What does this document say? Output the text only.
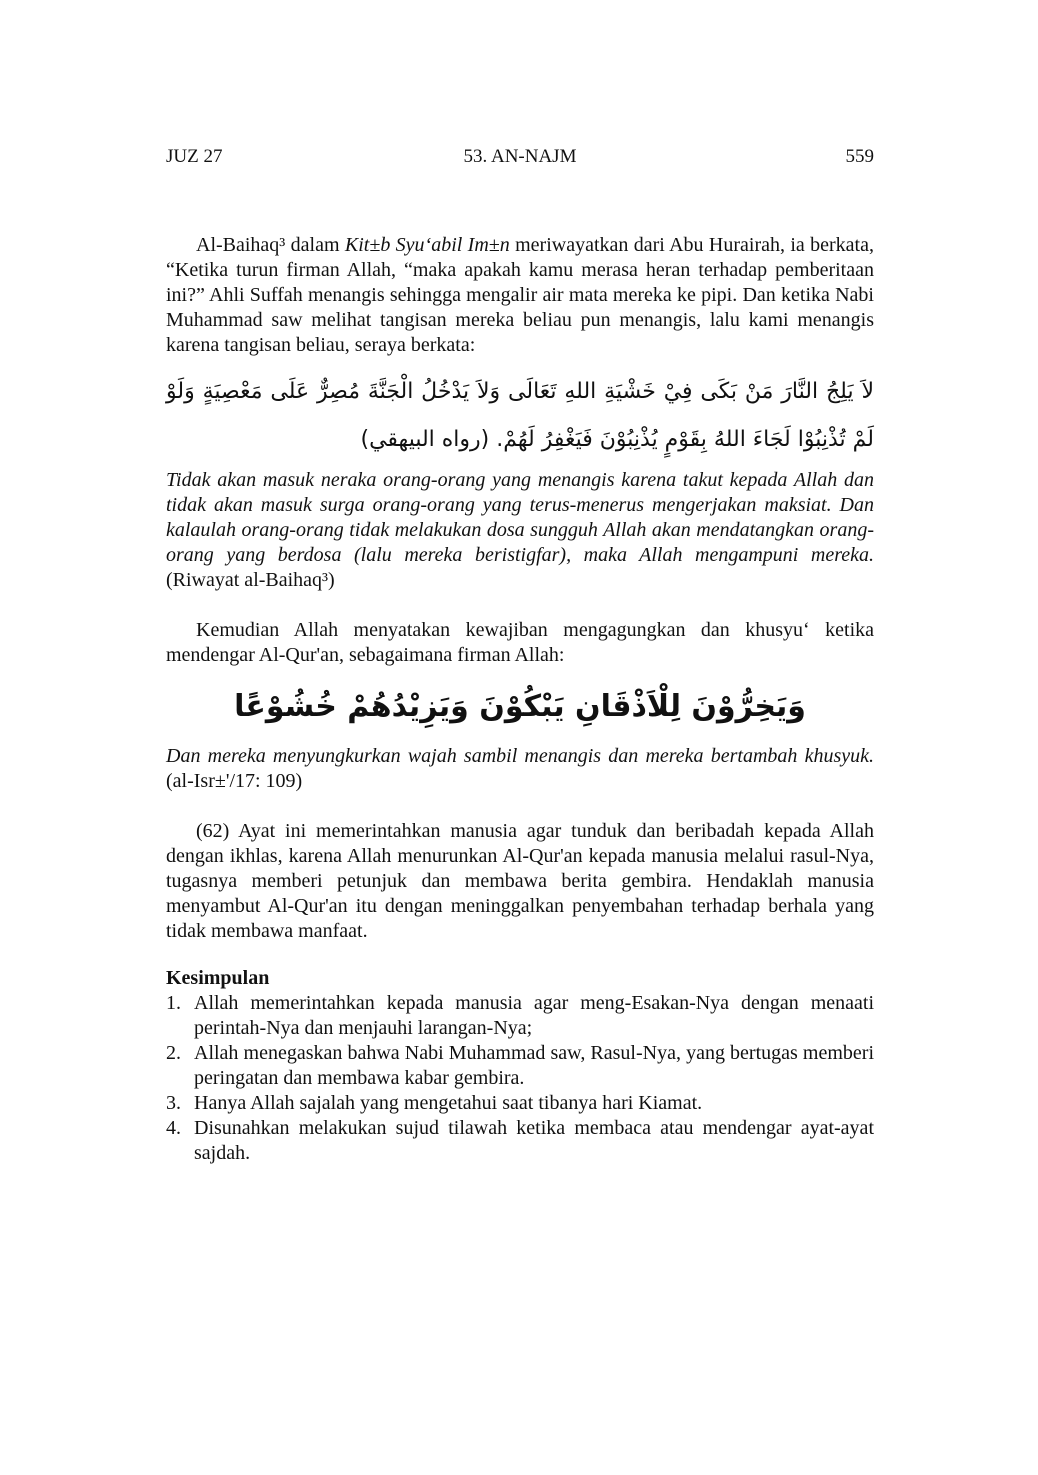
JUZ 27	53. AN-NAJM	559

Al-Baihaq³ dalam Kit±b Syu‘abil Im±n meriwayatkan dari Abu Hurairah, ia berkata, “Ketika turun firman Allah, “maka apakah kamu merasa heran terhadap pemberitaan ini?” Ahli Suffah menangis sehingga mengalir air mata mereka ke pipi. Dan ketika Nabi Muhammad saw melihat tangisan mereka beliau pun menangis, lalu kami menangis karena tangisan beliau, seraya berkata:

لاَ يَلِجُ النَّارَ مَنْ بَكَى فِيْ خَشْيَةِ اللهِ تَعَالَى وَلاَ يَدْخُلُ الْجَنَّةَ مُصِرٌّ عَلَى مَعْصِيَةٍ وَلَوْ لَمْ تُذْنِبُوْا لَجَاءَ اللهُ بِقَوْمٍ يُذْنِبُوْنَ فَيَغْفِرُ لَهُمْ. (رواه البيهقي)

Tidak akan masuk neraka orang-orang yang menangis karena takut kepada Allah dan tidak akan masuk surga orang-orang yang terus-menerus mengerjakan maksiat. Dan kalaulah orang-orang tidak melakukan dosa sungguh Allah akan mendatangkan orang-orang yang berdosa (lalu mereka beristigfar), maka Allah mengampuni mereka. (Riwayat al-Baihaq³)

Kemudian Allah menyatakan kewajiban mengagungkan dan khusyu‘ ketika mendengar Al-Qur'an, sebagaimana firman Allah:

وَيَخِرُّوْنَ لِلْاَذْقَانِ يَبْكُوْنَ وَيَزِيْدُهُمْ خُشُوْعًا

Dan mereka menyungkurkan wajah sambil menangis dan mereka bertambah khusyuk. (al-Isr±'/17: 109)

(62) Ayat ini memerintahkan manusia agar tunduk dan beribadah kepada Allah dengan ikhlas, karena Allah menurunkan Al-Qur'an kepada manusia melalui rasul-Nya, tugasnya memberi petunjuk dan membawa berita gembira. Hendaklah manusia menyambut Al-Qur'an itu dengan meninggalkan penyembahan terhadap berhala yang tidak membawa manfaat.

Kesimpulan
1. Allah memerintahkan kepada manusia agar meng-Esakan-Nya dengan menaati perintah-Nya dan menjauhi larangan-Nya;
2. Allah menegaskan bahwa Nabi Muhammad saw, Rasul-Nya, yang bertugas memberi peringatan dan membawa kabar gembira.
3. Hanya Allah sajalah yang mengetahui saat tibanya hari Kiamat.
4. Disunahkan melakukan sujud tilawah ketika membaca atau mendengar ayat-ayat sajdah.
